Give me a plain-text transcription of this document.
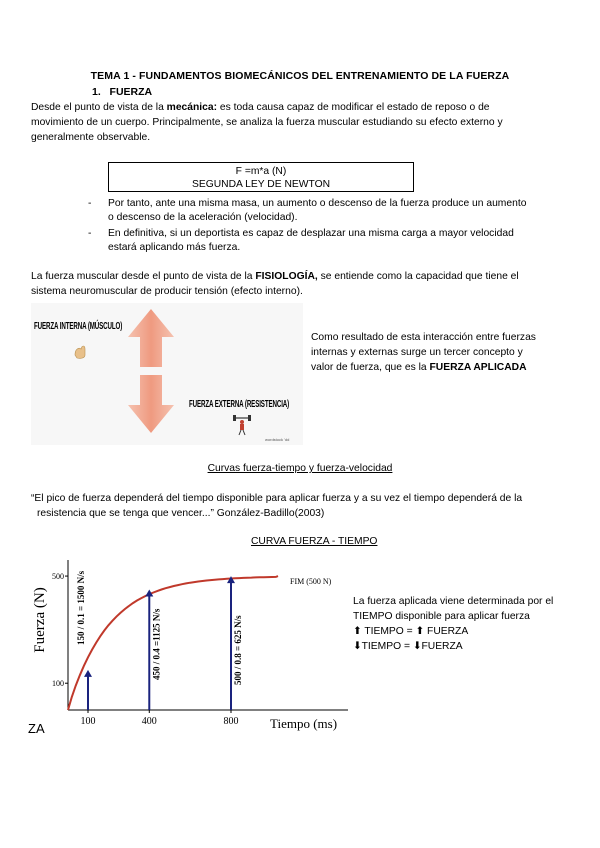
TEMA 1 - FUNDAMENTOS BIOMECÁNICOS DEL ENTRENAMIENTO DE LA FUERZA
1. FUERZA
Desde el punto de vista de la mecánica: es toda causa capaz de modificar el estado de reposo o de
movimiento de un cuerpo. Principalmente, se analiza la fuerza muscular estudiando su efecto externo y
generalmente observable.
F =m*a (N)
SEGUNDA LEY DE NEWTON
- Por tanto, ante una misma masa, un aumento o descenso de la fuerza produce un aumento
o descenso de la aceleración (velocidad).
- En definitiva, si un deportista es capaz de desplazar una misma carga a mayor velocidad
estará aplicando más fuerza.
La fuerza muscular desde el punto de vista de la FISIOLOGÍA, se entiende como la capacidad que tiene el
sistema neuromuscular de producir tensión (efecto interno).
FUERZA INTERNA (MÚSCULO)
FUERZA EXTERNA (RESISTENCIA)
wordstock 'dd
Como resultado de esta interacción entre fuerzas
internas y externas surge un tercer concepto y
valor de fuerza, que es la FUERZA APLICADA
Curvas fuerza-tiempo y fuerza-velocidad
“El pico de fuerza dependerá del tiempo disponible para aplicar fuerza y a su vez el tiempo dependerá de la
resistencia que se tenga que vencer...” González-Badillo(2003)
CURVA FUERZA - TIEMPO
100
500
100	400	800
150 / 0.1 = 1500 N/s	450 / 0.4 =1125 N/s	500 / 0.8 = 625 N/s
Fuerza (N)
Tiempo (ms)
FIM (500 N)
ZA
La fuerza aplicada viene determinada por el
TIEMPO disponible para aplicar fuerza
⬆ TIEMPO = ⬆ FUERZA
⬇TIEMPO = ⬇FUERZA
